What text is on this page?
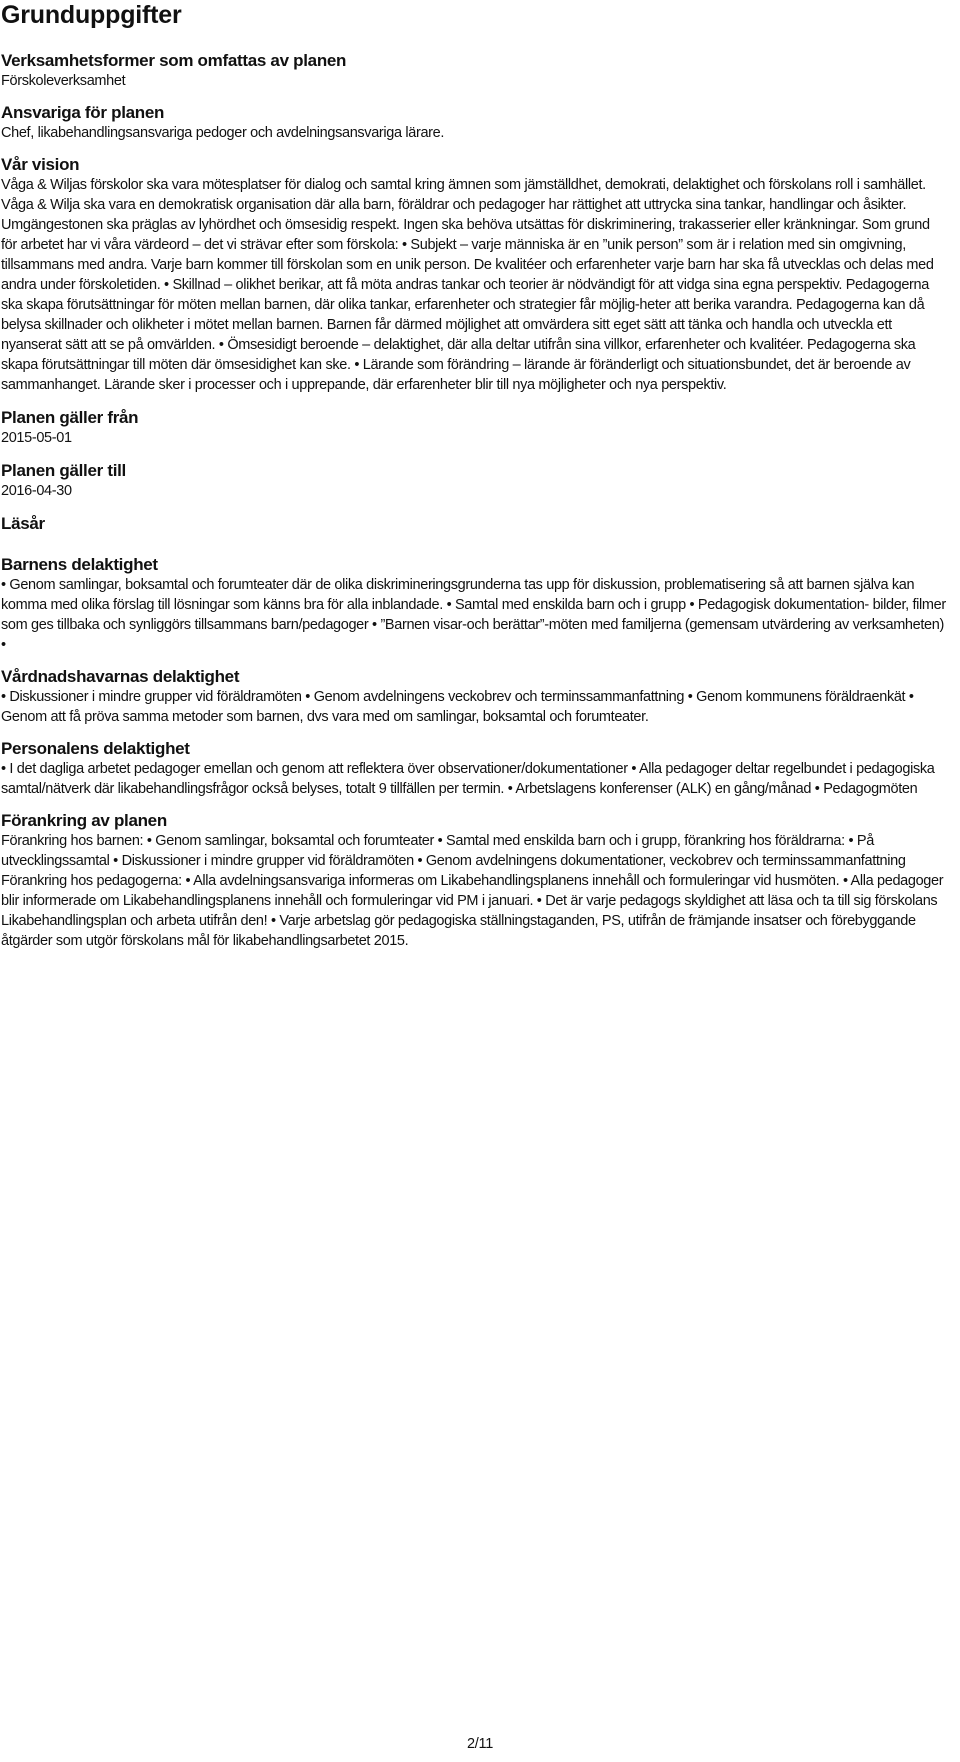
Grunduppgifter
Verksamhetsformer som omfattas av planen

Förskoleverksamhet

Ansvariga för planen

Chef, likabehandlingsansvariga pedoger och avdelningsansvariga lärare.

Vår vision

Våga & Wiljas förskolor ska vara mötesplatser för dialog och samtal kring ämnen som jämställdhet, demokrati, delaktighet och förskolans roll i samhället. Våga & Wilja ska vara en demokratisk organisation där alla barn, föräldrar och pedagoger har rättighet att uttrycka sina tankar, handlingar och åsikter. Umgängestonen ska präglas av lyhördhet och ömsesidig respekt. Ingen ska behöva utsättas för diskriminering, trakasserier eller kränkningar. Som grund för arbetet har vi våra värdeord – det vi strävar efter som förskola: • Subjekt – varje människa är en ”unik person” som är i relation med sin omgivning, tillsammans med andra. Varje barn kommer till förskolan som en unik person. De kvalitéer och erfarenheter varje barn har ska få utvecklas och delas med andra under förskoletiden. • Skillnad – olikhet berikar, att få möta andras tankar och teorier är nödvändigt för att vidga sina egna perspektiv. Pedagogerna ska skapa förutsättningar för möten mellan barnen, där olika tankar, erfarenheter och strategier får möjlig-heter att berika varandra. Pedagogerna kan då belysa skillnader och olikheter i mötet mellan barnen. Barnen får därmed möjlighet att omvärdera sitt eget sätt att tänka och handla och utveckla ett nyanserat sätt att se på omvärlden. • Ömsesidigt beroende – delaktighet, där alla deltar utifrån sina villkor, erfarenheter och kvalitéer. Pedagogerna ska skapa förutsättningar till möten där ömsesidighet kan ske. • Lärande som förändring – lärande är föränderligt och situationsbundet, det är beroende av sammanhanget. Lärande sker i processer och i upprepande, där erfarenheter blir till nya möjligheter och nya perspektiv.

Planen gäller från

2015-05-01

Planen gäller till

2016-04-30

Läsår

Barnens delaktighet

• Genom samlingar, boksamtal och forumteater där de olika diskrimineringsgrunderna tas upp för diskussion, problematisering så att barnen själva kan komma med olika förslag till lösningar som känns bra för alla inblandade. • Samtal med enskilda barn och i grupp • Pedagogisk dokumentation- bilder, filmer som ges tillbaka och synliggörs tillsammans barn/pedagoger • ”Barnen visar-och berättar”-möten med familjerna (gemensam utvärdering av verksamheten) •

Vårdnadshavarnas delaktighet

• Diskussioner i mindre grupper vid föräldramöten • Genom avdelningens veckobrev och terminssammanfattning • Genom kommunens föräldraenkät • Genom att få pröva samma metoder som barnen, dvs vara med om samlingar, boksamtal och forumteater.

Personalens delaktighet

• I det dagliga arbetet pedagoger emellan och genom att reflektera över observationer/dokumentationer • Alla pedagoger deltar regelbundet i pedagogiska samtal/nätverk där likabehandlingsfrågor också belyses, totalt 9 tillfällen per termin. • Arbetslagens konferenser (ALK) en gång/månad • Pedagogmöten

Förankring av planen

Förankring hos barnen: • Genom samlingar, boksamtal och forumteater • Samtal med enskilda barn och i grupp, förankring hos föräldrarna: • På utvecklingssamtal • Diskussioner i mindre grupper vid föräldramöten • Genom avdelningens dokumentationer, veckobrev och terminssammanfattning Förankring hos pedagogerna: • Alla avdelningsansvariga informeras om Likabehandlingsplanens innehåll och formuleringar vid husmöten. • Alla pedagoger blir informerade om Likabehandlingsplanens innehåll och formuleringar vid PM i januari. • Det är varje pedagogs skyldighet att läsa och ta till sig förskolans Likabehandlingsplan och arbeta utifrån den! • Varje arbetslag gör pedagogiska ställningstaganden, PS, utifrån de främjande insatser och förebyggande åtgärder som utgör förskolans mål för likabehandlingsarbetet 2015.

2/11
